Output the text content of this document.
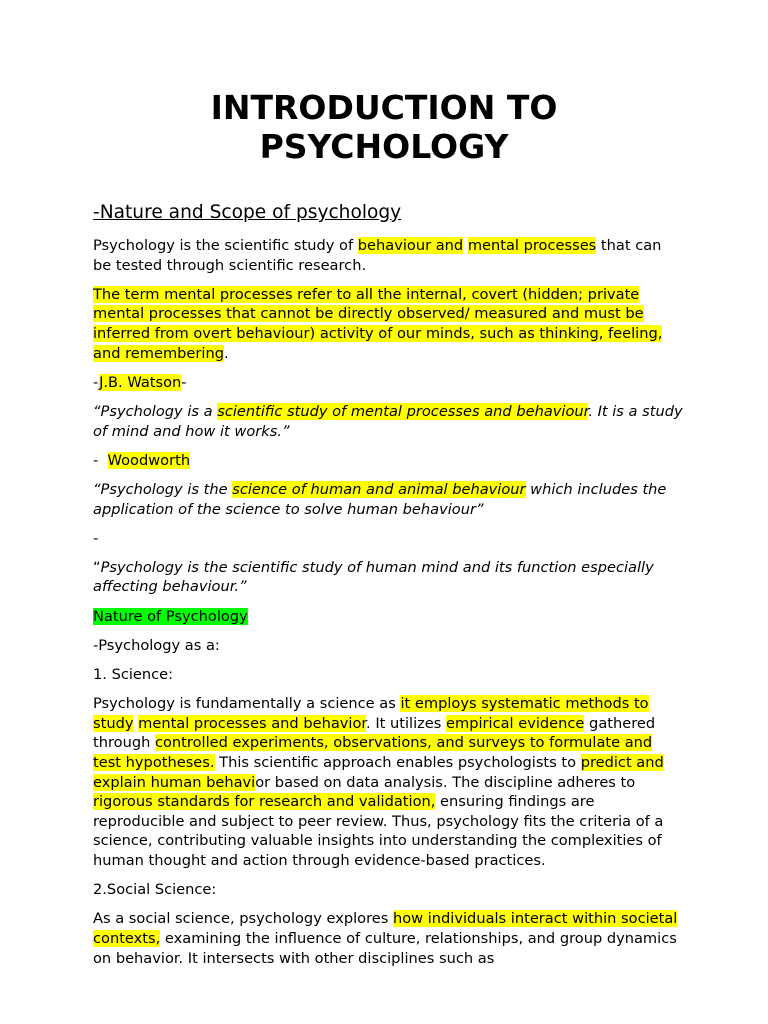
INTRODUCTION TO
PSYCHOLOGY
-Nature and Scope of psychology

Psychology is the scientific study of behaviour and mental processes that can be tested through scientific research.

The term mental processes refer to all the internal, covert (hidden; private mental processes that cannot be directly observed/ measured and must be inferred from overt behaviour) activity of our minds, such as thinking, feeling, and remembering.

-J.B. Watson-

“Psychology is a scientific study of mental processes and behaviour. It is a study of mind and how it works.”

-  Woodworth

“Psychology is the science of human and animal behaviour which includes the application of the science to solve human behaviour”

-

“Psychology is the scientific study of human mind and its function especially affecting behaviour.”

Nature of Psychology

-Psychology as a:

1. Science:

Psychology is fundamentally a science as it employs systematic methods to study mental processes and behavior. It utilizes empirical evidence gathered through controlled experiments, observations, and surveys to formulate and test hypotheses. This scientific approach enables psychologists to predict and explain human behavior based on data analysis. The discipline adheres to rigorous standards for research and validation, ensuring findings are reproducible and subject to peer review. Thus, psychology fits the criteria of a science, contributing valuable insights into understanding the complexities of human thought and action through evidence-based practices.

2.Social Science:

As a social science, psychology explores how individuals interact within societal contexts, examining the influence of culture, relationships, and group dynamics on behavior. It intersects with other disciplines such as
